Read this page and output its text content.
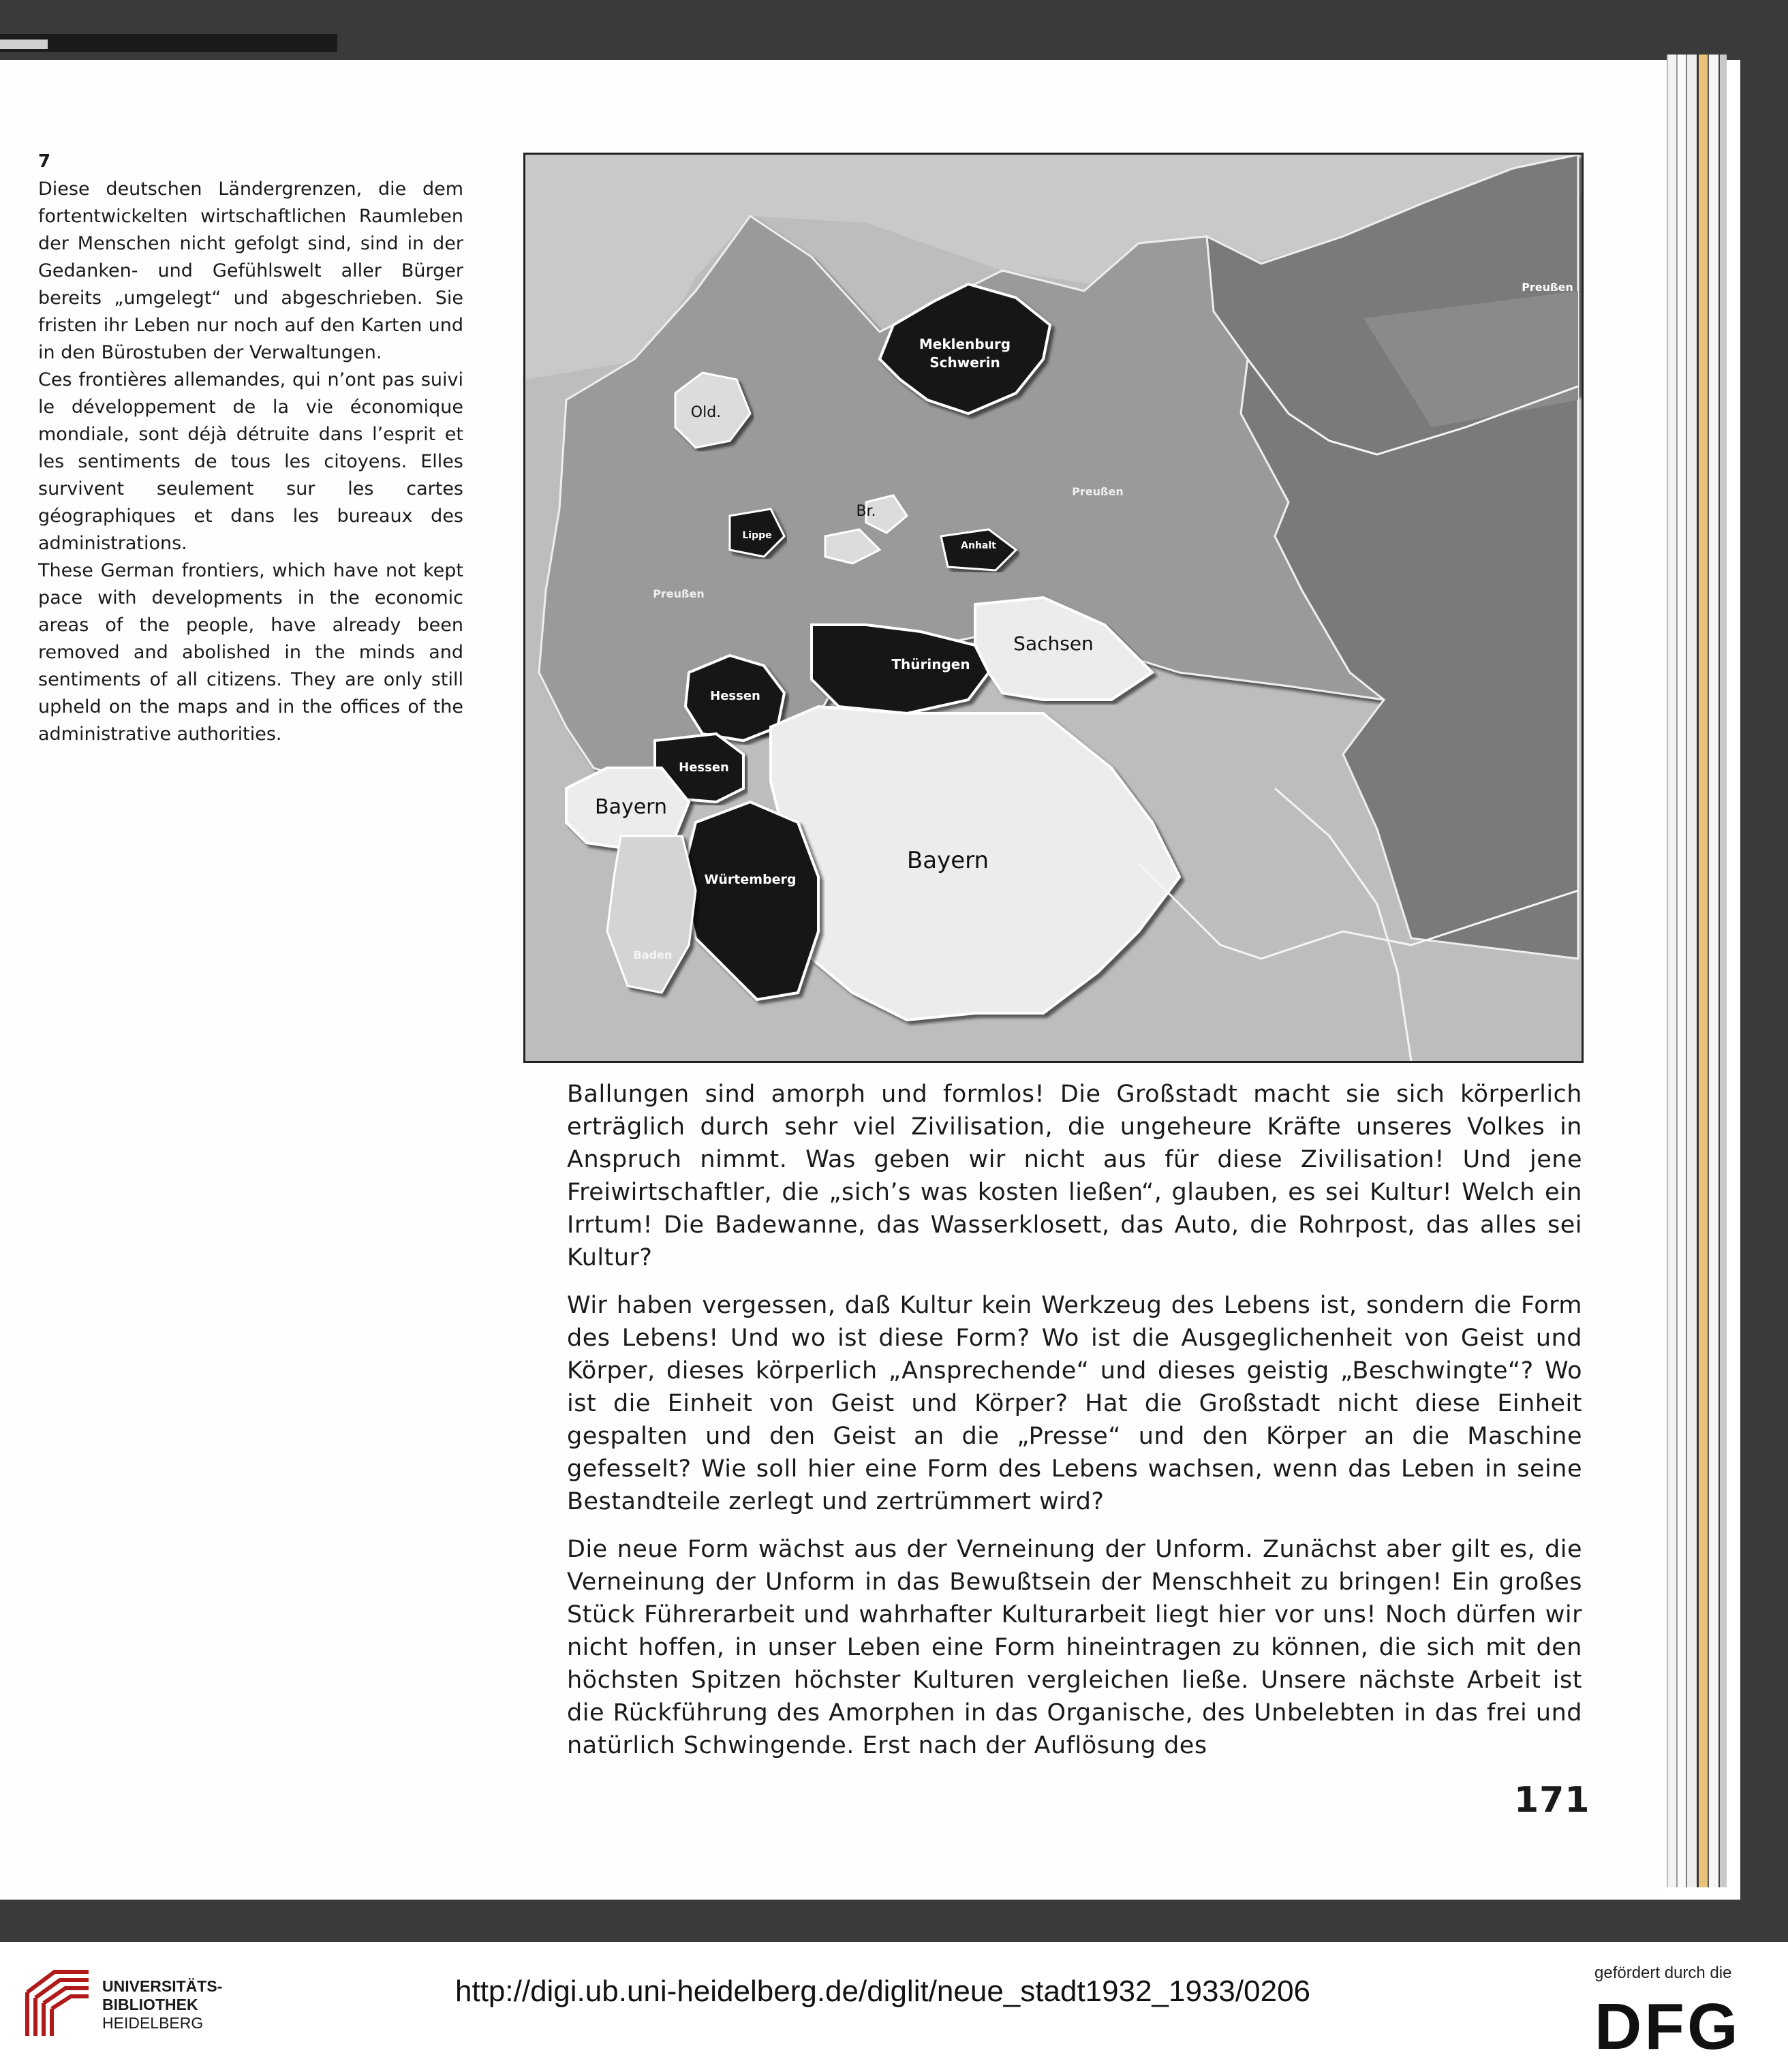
7

Diese deutschen Ländergrenzen, die dem fortentwickelten wirtschaftlichen Raumleben der Menschen nicht gefolgt sind, sind in der Gedanken- und Gefühlswelt aller Bürger bereits „umgelegt“ und abgeschrieben. Sie fristen ihr Leben nur noch auf den Karten und in den Bürostuben der Verwaltungen.

Ces frontières allemandes, qui n’ont pas suivi le développement de la vie économique mondiale, sont déjà détruite dans l’esprit et les sentiments de tous les citoyens. Elles survivent seulement sur les cartes géographiques et dans les bureaux des administrations.

These German frontiers, which have not kept pace with developments in the economic areas of the people, have already been removed and abolished in the minds and sentiments of all citizens. They are only still upheld on the maps and in the offices of the administrative authorities.

Meklenburg
Schwerin
Preußen
Preußen
Preußen
Old.
Br.
Lippe
Anhalt
Sachsen
Thüringen
Hessen
Hessen
Bayern
Bayern
Würtemberg
Baden

Ballungen sind amorph und formlos! Die Großstadt macht sie sich körperlich erträglich durch sehr viel Zivilisation, die ungeheure Kräfte unseres Volkes in Anspruch nimmt. Was geben wir nicht aus für diese Zivilisation! Und jene Freiwirtschaftler, die „sich’s was kosten ließen“, glauben, es sei Kultur! Welch ein Irrtum! Die Badewanne, das Wasserklosett, das Auto, die Rohrpost, das alles sei Kultur?

Wir haben vergessen, daß Kultur kein Werkzeug des Lebens ist, sondern die Form des Lebens! Und wo ist diese Form? Wo ist die Ausgeglichenheit von Geist und Körper, dieses körperlich „Ansprechende“ und dieses geistig „Beschwingte“? Wo ist die Einheit von Geist und Körper? Hat die Großstadt nicht diese Einheit gespalten und den Geist an die „Presse“ und den Körper an die Maschine gefesselt? Wie soll hier eine Form des Lebens wachsen, wenn das Leben in seine Bestandteile zerlegt und zertrümmert wird?

Die neue Form wächst aus der Verneinung der Unform. Zunächst aber gilt es, die Verneinung der Unform in das Bewußtsein der Menschheit zu bringen! Ein großes Stück Führerarbeit und wahrhafter Kulturarbeit liegt hier vor uns! Noch dürfen wir nicht hoffen, in unser Leben eine Form hineintragen zu können, die sich mit den höchsten Spitzen höchster Kulturen vergleichen ließe. Unsere nächste Arbeit ist die Rückführung des Amorphen in das Organische, des Unbelebten in das frei und natürlich Schwingende. Erst nach der Auflösung des

171
UNIVERSITÄTS-
BIBLIOTHEK
HEIDELBERG
http://digi.ub.uni-heidelberg.de/diglit/neue_stadt1932_1933/0206
gefördert durch die
DFG
